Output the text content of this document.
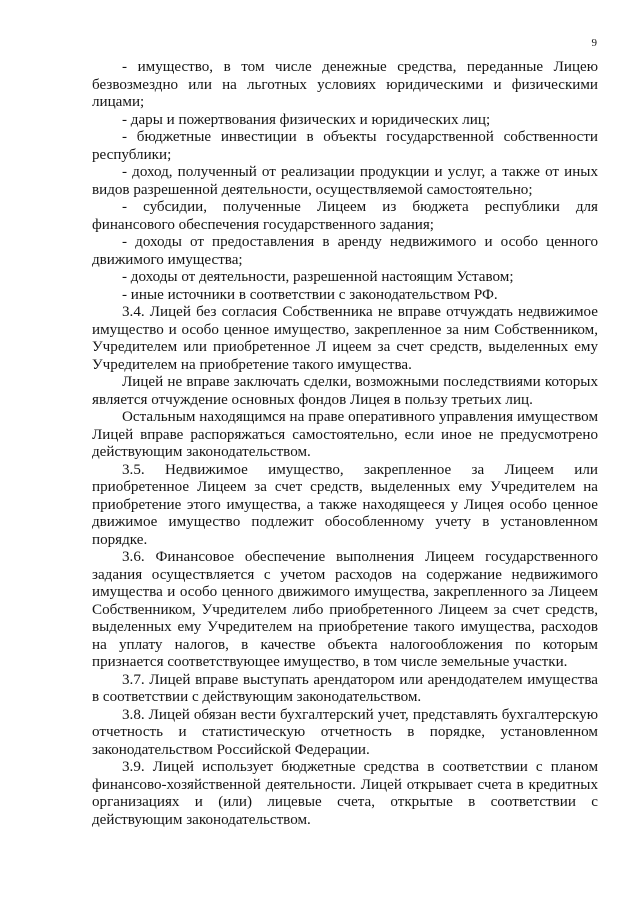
9

- имущество, в том числе денежные средства, переданные Лицею безвозмездно или на льготных условиях юридическими и физическими лицами;

- дары и пожертвования физических и юридических лиц;

- бюджетные инвестиции в объекты государственной собственности республики;

- доход, полученный от реализации продукции и услуг, а также от иных видов разрешенной деятельности, осуществляемой самостоятельно;

- субсидии, полученные Лицеем из бюджета республики для финансового обеспечения государственного задания;

- доходы от предоставления в аренду недвижимого и особо ценного движимого имущества;

- доходы от деятельности, разрешенной настоящим Уставом;

- иные источники в соответствии с законодательством РФ.

3.4. Лицей без согласия Собственника не вправе отчуждать недвижимое имущество и особо ценное имущество, закрепленное за ним Собственником, Учредителем или приобретенное Л ицеем за счет средств, выделенных ему Учредителем на приобретение такого имущества.

Лицей не вправе заключать сделки, возможными последствиями которых является отчуждение основных фондов Лицея в пользу третьих лиц.

Остальным находящимся на праве оперативного управления имуществом Лицей вправе распоряжаться самостоятельно, если иное не предусмотрено действующим законодательством.

3.5. Недвижимое имущество, закрепленное за Лицеем или приобретенное Лицеем за счет средств, выделенных ему Учредителем на приобретение этого имущества, а также находящееся у Лицея особо ценное движимое имущество подлежит обособленному учету в установленном порядке.

3.6. Финансовое обеспечение выполнения Лицеем государственного задания осуществляется с учетом расходов на содержание недвижимого имущества и особо ценного движимого имущества, закрепленного за Лицеем Собственником, Учредителем либо приобретенного Лицеем за счет средств, выделенных ему Учредителем на приобретение такого имущества, расходов на уплату налогов, в качестве объекта налогообложения по которым признается соответствующее имущество, в том числе земельные участки.

3.7. Лицей вправе выступать арендатором или арендодателем имущества в соответствии с действующим законодательством.

3.8. Лицей обязан вести бухгалтерский учет, представлять бухгалтерскую отчетность и статистическую отчетность в порядке, установленном законодательством Российской Федерации.

3.9. Лицей использует бюджетные средства в соответствии с планом финансово-хозяйственной деятельности. Лицей открывает счета в кредитных организациях и (или) лицевые счета, открытые в соответствии с действующим законодательством.
